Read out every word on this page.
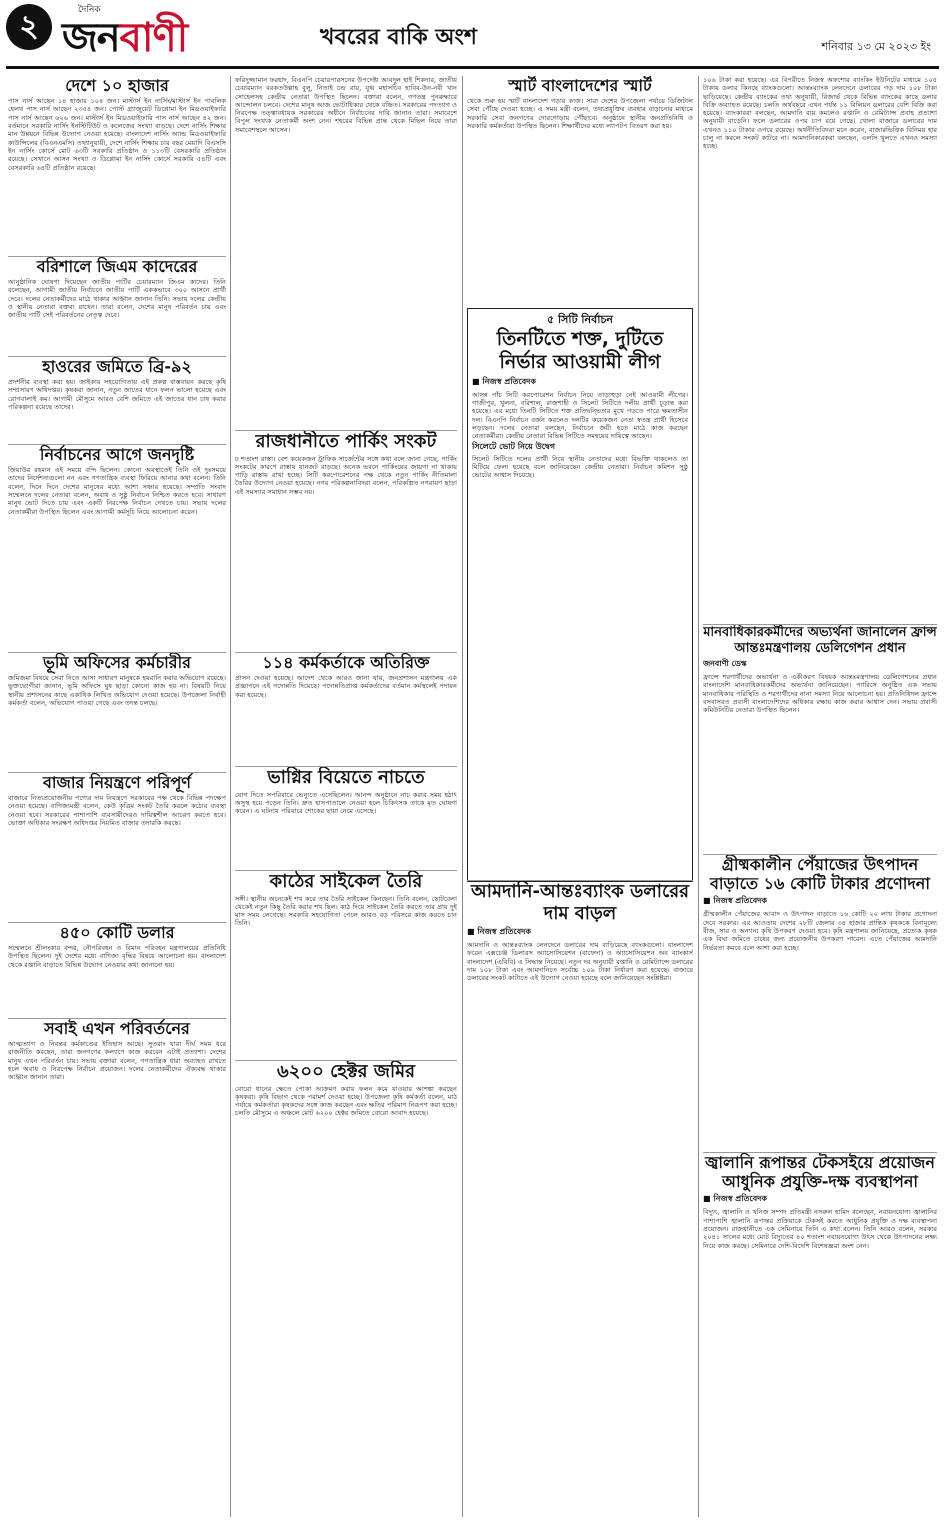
২ জনবাণী
দৈনিক
খবরের বাকি অংশ	শনিবার ১৩ মে ২০২৩ ইং
দেশে ১০ হাজার

পাস নার্স আছেন ১৪ হাজার ১০৪ জন। মাস্টার্স ইন নার্সিং/মাস্টার্স ইন পাবলিক হেলথ পাস নার্স আছেন ২৩৫৪ জন। পোস্ট গ্র্যাজুয়েট ডিপ্লোমা ইন মিডওয়াইফারি পাস নার্স আছেন ৬২৬ জন। মাস্টার্স ইন মিডওয়াইফারি পাস নার্স আছেন ৪২ জন। বর্তমানে সরকারি নার্সিং ইনস্টিটিউট ও কলেজের সংখ্যা বাড়ছে। দেশে নার্সিং শিক্ষার মান উন্নয়নে বিভিন্ন উদ্যোগ নেওয়া হয়েছে। বাংলাদেশ নার্সিং অ্যান্ড মিডওয়াইফারি কাউন্সিলের (বিএনএমসি) তথ্যানুযায়ী, দেশে নার্সিং শিক্ষায় চার বছর মেয়াদি বিএসসি ইন নার্সিং কোর্সে মোট ৬৩টি সরকারি প্রতিষ্ঠান ও ১১৩টি বেসরকারি প্রতিষ্ঠান রয়েছে। সেখানে আসন সংখ্যা ও ডিপ্লোমা ইন নার্সিং কোর্সে সরকারি ৫৪টি এবং বেসরকারি ৬৪টি প্রতিষ্ঠান রয়েছে।

বরিশালে জিএম কাদেরের

আনুষ্ঠানিক ঘোষণা দিয়েছেন জাতীয় পার্টির চেয়ারম্যান জিএম কাদের। তিনি বলেছেন, আগামী জাতীয় নির্বাচনে জাতীয় পার্টি এককভাবে ৩০০ আসনে প্রার্থী দেবে। দলের নেতাকর্মীদের মাঠে থাকার আহ্বান জানান তিনি। সভায় দলের কেন্দ্রীয় ও স্থানীয় নেতারা বক্তব্য রাখেন। তারা বলেন, দেশের মানুষ পরিবর্তন চায় এবং জাতীয় পার্টি সেই পরিবর্তনের নেতৃত্ব দেবে।

হাওরের জমিতে ব্রি-৯২

প্রদর্শনীর ব্যবস্থা করা হয়। জাইকার সহযোগিতায় এই প্রকল্প বাস্তবায়ন করছে কৃষি সম্প্রসারণ অধিদপ্তর। কৃষকরা জানান, নতুন জাতের ধানে ফলন ভালো হয়েছে এবং রোগবালাই কম। আগামী মৌসুমে আরও বেশি জমিতে এই জাতের ধান চাষ করার পরিকল্পনা রয়েছে তাদের।

নির্বাচনের আগে জনদৃষ্টি

জিয়াউর রহমান এই সময়ে বন্দি ছিলেন। কোনো অবস্থাতেই তিনি ওই দুঃসময়ে তাদের নির্দেশনাগুলো নন এবং গণতান্ত্রিক ব্যবস্থা ফিরিয়ে আনার কথা বলেন। তিনি বলেন, দিনে দিনে দেশের মানুষের মধ্যে আশা সঞ্চার হয়েছে। সম্প্রতি সংবাদ সম্মেলনে দলের নেতারা বলেন, অবাধ ও সুষ্ঠু নির্বাচন নিশ্চিত করতে হবে। সাধারণ মানুষ ভোট দিতে চায় এবং একটি নিরপেক্ষ নির্বাচন দেখতে চায়। সভায় দলের নেতাকর্মীরা উপস্থিত ছিলেন এবং আগামী কর্মসূচি নিয়ে আলোচনা করেন।

ভূমি অফিসের কর্মচারীর

জমিজমা বিষয়ে সেবা নিতে আসা সাধারণ মানুষকে হয়রানি করার অভিযোগ রয়েছে। ভুক্তভোগীরা জানান, ভূমি অফিসে ঘুষ ছাড়া কোনো কাজ হয় না। বিষয়টি নিয়ে স্থানীয় প্রশাসনের কাছে একাধিক লিখিত অভিযোগ দেওয়া হয়েছে। উপজেলা নির্বাহী কর্মকর্তা বলেন, অভিযোগ পাওয়া গেছে এবং তদন্ত চলছে।

বাজার নিয়ন্ত্রণে পরিপূর্ণ

বাজারে নিত্যপ্রয়োজনীয় পণ্যের দাম নিয়ন্ত্রণে সরকারের পক্ষ থেকে বিভিন্ন পদক্ষেপ নেওয়া হয়েছে। বাণিজ্যমন্ত্রী বলেন, কেউ কৃত্রিম সংকট তৈরি করলে কঠোর ব্যবস্থা নেওয়া হবে। সরকারের পাশাপাশি ব্যবসায়ীদেরও দায়িত্বশীল আচরণ করতে হবে। ভোক্তা অধিকার সংরক্ষণ অধিদপ্তর নিয়মিত বাজার তদারকি করছে।

৪৫০ কোটি ডলার

সম্মেলনে শ্রীলংকার বন্দর, নৌপরিবহন ও বিমান পরিবহন মন্ত্রণালয়ের প্রতিনিধি উপস্থিত ছিলেন। দুই দেশের মধ্যে বাণিজ্য বৃদ্ধির বিষয়ে আলোচনা হয়। বাংলাদেশ থেকে রপ্তানি বাড়াতে বিভিন্ন উদ্যোগ নেওয়ার কথা জানানো হয়।

সবাই এখন পরিবর্তনের

আত্মত্যাগ ও নিরন্তর কর্মকাণ্ডের ইতিহাস আছে। সুতরাং যারা দীর্ঘ সময় ধরে রাজনীতি করছেন, তারা জনগণের কল্যাণে কাজ করবেন এটাই প্রত্যাশা। দেশের মানুষ এখন পরিবর্তন চায়। সভায় বক্তারা বলেন, গণতান্ত্রিক ধারা অব্যাহত রাখতে হলে অবাধ ও নিরপেক্ষ নির্বাচন প্রয়োজন। দলের নেতাকর্মীদের ঐক্যবদ্ধ থাকার আহ্বান জানান তারা।

ফরিদুজ্জামান ফরহাদ, বিএনপি চেয়ারপারসনের উপদেষ্টা আবদুল হাই শিকদার, জাতীয় চেয়ারম্যান বরকতউল্লাহ বুলু, নিতাই চন্দ্র রায়, যুগ্ম মহাসচিব হাবিব-উন-নবী খান সোহেলসহ কেন্দ্রীয় নেতারা উপস্থিত ছিলেন। বক্তারা বলেন, গণতন্ত্র পুনরুদ্ধারে আন্দোলন চলবে। দেশের মানুষ আজ ভোটাধিকার থেকে বঞ্চিত। সরকারের পদত্যাগ ও নিরপেক্ষ তত্ত্বাবধায়ক সরকারের অধীনে নির্বাচনের দাবি জানান তারা। সমাবেশে বিপুল সংখ্যক নেতাকর্মী অংশ নেন। শহরের বিভিন্ন প্রান্ত থেকে মিছিল নিয়ে তারা সমাবেশস্থলে আসেন।

রাজধানীতে পার্কিং সংকট

ঢ শতাংশ রাস্তা। বেশ কয়েকজন ট্রাফিক সার্জেন্টের সঙ্গে কথা বলে জানা গেছে, পার্কিং সংকটের কারণে রাস্তায় যানজট বাড়ছে। অনেক ভবনে পার্কিংয়ের জায়গা না থাকায় গাড়ি রাস্তায় রাখা হচ্ছে। সিটি করপোরেশনের পক্ষ থেকে নতুন পার্কিং নীতিমালা তৈরির উদ্যোগ নেওয়া হয়েছে। নগর পরিকল্পনাবিদরা বলেন, পরিকল্পিত নগরায়ণ ছাড়া এই সমস্যার সমাধান সম্ভব নয়।

১১৪ কর্মকর্তাকে অতিরিক্ত

প্রাসন দেওয়া হয়েছে। আদেশ থেকে আরও জানা যায়, জনপ্রশাসন মন্ত্রণালয় এক প্রজ্ঞাপনে এই পদোন্নতি দিয়েছে। পদোন্নতিপ্রাপ্ত কর্মকর্তাদের বর্তমান কর্মস্থলেই পদায়ন করা হয়েছে।

ভাগ্নির বিয়েতে নাচতে

যোগ দিতে সপরিবারে ভেন্যুতে এসেছিলেন। আনন্দ অনুষ্ঠানে নাচ করার সময় হঠাৎ অসুস্থ হয়ে পড়েন তিনি। দ্রুত হাসপাতালে নেওয়া হলে চিকিৎসক তাকে মৃত ঘোষণা করেন। এ ঘটনায় পরিবারে শোকের ছায়া নেমে এসেছে।

কাঠের সাইকেল তৈরি

সঙ্গী। স্থানীয় অনেকেই শখ করে তার তৈরি সাইকেল কিনছেন। তিনি বলেন, ছোটবেলা থেকেই নতুন কিছু তৈরি করার শখ ছিল। কাঠ দিয়ে সাইকেল তৈরি করতে তার প্রায় দুই মাস সময় লেগেছে। সরকারি সহযোগিতা পেলে আরও বড় পরিসরে কাজ করতে চান তিনি।

৬২০০ হেক্টর জমির

বোরো ধানের ক্ষেতে পোকা আক্রমণ করায় ফলন কমে যাওয়ার আশঙ্কা করছেন কৃষকরা। কৃষি বিভাগ থেকে পরামর্শ দেওয়া হচ্ছে। উপজেলা কৃষি কর্মকর্তা বলেন, মাঠ পর্যায়ে কর্মকর্তারা কৃষকদের সঙ্গে কাজ করছেন এবং ক্ষতির পরিমাণ নিরূপণ করা হচ্ছে। চলতি মৌসুমে এ অঞ্চলে মোট ৬২০০ হেক্টর জমিতে বোরো আবাদ হয়েছে।

স্মার্ট বাংলাদেশের স্মার্ট

থেকে শুরু হয় স্মার্ট বাংলাদেশ গড়ার কাজ। সারা দেশের উপজেলা পর্যায়ে ডিজিটাল সেবা পৌঁছে দেওয়া হচ্ছে। এ সময় মন্ত্রী বলেন, তথ্যপ্রযুক্তির ব্যবহার বাড়ানোর মাধ্যমে সরকারি সেবা জনগণের দোরগোড়ায় পৌঁছাবে। অনুষ্ঠানে স্থানীয় জনপ্রতিনিধি ও সরকারি কর্মকর্তারা উপস্থিত ছিলেন। শিক্ষার্থীদের মধ্যে ল্যাপটপ বিতরণ করা হয়।

৫ সিটি নির্বাচন
তিনটিতে শক্ত, দুটিতে নির্ভার আওয়ামী লীগ
■ নিজস্ব প্রতিবেদক

আসন্ন পাঁচ সিটি করপোরেশন নির্বাচন নিয়ে তাড়াহুড়া নেই আওয়ামী লীগের। গাজীপুর, খুলনা, বরিশাল, রাজশাহী ও সিলেট সিটিতে দলীয় প্রার্থী চূড়ান্ত করা হয়েছে। এর মধ্যে তিনটি সিটিতে শক্ত প্রতিদ্বন্দ্বিতার মুখে পড়তে পারে ক্ষমতাসীন দল। বিএনপি নির্বাচন বর্জন করলেও দলটির কয়েকজন নেতা স্বতন্ত্র প্রার্থী হিসেবে লড়ছেন। দলের নেতারা বলছেন, নির্বাচনে জয়ী হতে মাঠে কাজ করছেন নেতাকর্মীরা। কেন্দ্রীয় নেতারা বিভিন্ন সিটিতে সমন্বয়ের দায়িত্বে আছেন।

সিলেটে ভোট নিয়ে উদ্বেগ

সিলেট সিটিতে দলের প্রার্থী নিয়ে স্থানীয় নেতাদের মধ্যে বিভক্তি থাকলেও তা মিটিয়ে ফেলা হয়েছে বলে জানিয়েছেন কেন্দ্রীয় নেতারা। নির্বাচন কমিশন সুষ্ঠু ভোটের আশ্বাস দিয়েছে।

আমদানি-আন্তঃব্যাংক ডলারের দাম বাড়ল
■ নিজস্ব প্রতিবেদক

আমদানি ও আন্তঃব্যাংক লেনদেনে ডলারের দাম বাড়িয়েছে ব্যাংকগুলো। বাংলাদেশ ফরেন এক্সচেঞ্জ ডিলারস অ্যাসোসিয়েশন (বাফেদা) ও অ্যাসোসিয়েশন অব ব্যাংকার্স বাংলাদেশ (এবিবি) এ সিদ্ধান্ত নিয়েছে। নতুন দর অনুযায়ী রপ্তানি ও রেমিট্যান্সে ডলারের দাম ১০৮ টাকা এবং আমদানিতে সর্বোচ্চ ১০৯ টাকা নির্ধারণ করা হয়েছে। বাজারে ডলারের সংকট কাটাতে এই উদ্যোগ নেওয়া হয়েছে বলে জানিয়েছেন সংশ্লিষ্টরা।

১০৬ টাকা করা হয়েছে। এর বিপরীতে নিজস্ব অফশোর ব্যাংকিং ইউনিটের মাধ্যমে ১০৫ টাকায় ডলার কিনছে ব্যাংকগুলো। আন্তঃব্যাংক লেনদেনে ডলারের গড় দাম ১০৮ টাকা ছাড়িয়েছে। কেন্দ্রীয় ব্যাংকের তথ্য অনুযায়ী, রিজার্ভ থেকে বিভিন্ন ব্যাংকের কাছে ডলার বিক্রি অব্যাহত রয়েছে। চলতি অর্থবছরে এখন পর্যন্ত ১১ বিলিয়ন ডলারের বেশি বিক্রি করা হয়েছে। ব্যাংকাররা বলছেন, আমদানি ব্যয় কমলেও রপ্তানি ও রেমিট্যান্স প্রবাহ প্রত্যাশা অনুযায়ী বাড়েনি। ফলে ডলারের ওপর চাপ রয়ে গেছে। খোলা বাজারে ডলারের দাম এখনও ১১০ টাকার ওপরে রয়েছে। অর্থনীতিবিদরা মনে করেন, বাজারভিত্তিক বিনিময় হার চালু না করলে সংকট কাটবে না। আমদানিকারকরা বলছেন, এলসি খুলতে এখনও সমস্যা হচ্ছে।

মানবাধিকারকর্মীদের অভ্যর্থনা জানালেন ফ্রান্স আন্তঃমন্ত্রণালয় ডেলিগেশন প্রধান
জনবাণী ডেস্ক

ফ্রান্সে শরণার্থীদের অভ্যর্থনা ও একীকরণ বিষয়ক আন্তঃমন্ত্রণালয় ডেলিগেশনের প্রধান বাংলাদেশি মানবাধিকারকর্মীদের অভ্যর্থনা জানিয়েছেন। প্যারিসে অনুষ্ঠিত এক সভায় মানবাধিকার পরিস্থিতি ও শরণার্থীদের নানা সমস্যা নিয়ে আলোচনা হয়। প্রতিনিধিদল ফ্রান্সে বসবাসরত প্রবাসী বাংলাদেশিদের অধিকার রক্ষায় কাজ করার আশ্বাস দেন। সভায় প্রবাসী কমিউনিটির নেতারা উপস্থিত ছিলেন।

গ্রীষ্মকালীন পেঁয়াজের উৎপাদন বাড়াতে ১৬ কোটি টাকার প্রণোদনা
■ নিজস্ব প্রতিবেদক

গ্রীষ্মকালীন পেঁয়াজের আবাদ ও উৎপাদন বাড়াতে ১৬ কোটি ২০ লাখ টাকার প্রণোদনা দেবে সরকার। এর আওতায় দেশের ২৮টি জেলার ৩৪ হাজার প্রান্তিক কৃষককে বিনামূল্যে বীজ, সার ও অন্যান্য কৃষি উপকরণ দেওয়া হবে। কৃষি মন্ত্রণালয় জানিয়েছে, প্রত্যেক কৃষক এক বিঘা জমিতে চাষের জন্য প্রয়োজনীয় উপকরণ পাবেন। এতে পেঁয়াজের আমদানি নির্ভরতা কমবে বলে আশা করা হচ্ছে।

জ্বালানি রূপান্তর টেকসইয়ে প্রয়োজন আধুনিক প্রযুক্তি-দক্ষ ব্যবস্থাপনা
■ নিজস্ব প্রতিবেদক

বিদ্যুৎ, জ্বালানি ও খনিজ সম্পদ প্রতিমন্ত্রী নসরুল হামিদ বলেছেন, নবায়নযোগ্য জ্বালানির পাশাপাশি জ্বালানি রূপান্তর প্রক্রিয়াকে টেকসই করতে আধুনিক প্রযুক্তি ও দক্ষ ব্যবস্থাপনা প্রয়োজন। রাজধানীতে এক সেমিনারে তিনি এ কথা বলেন। তিনি আরও বলেন, সরকার ২০৪১ সালের মধ্যে মোট বিদ্যুতের ৪০ শতাংশ নবায়নযোগ্য উৎস থেকে উৎপাদনের লক্ষ্য নিয়ে কাজ করছে। সেমিনারে দেশি-বিদেশি বিশেষজ্ঞরা অংশ নেন।
